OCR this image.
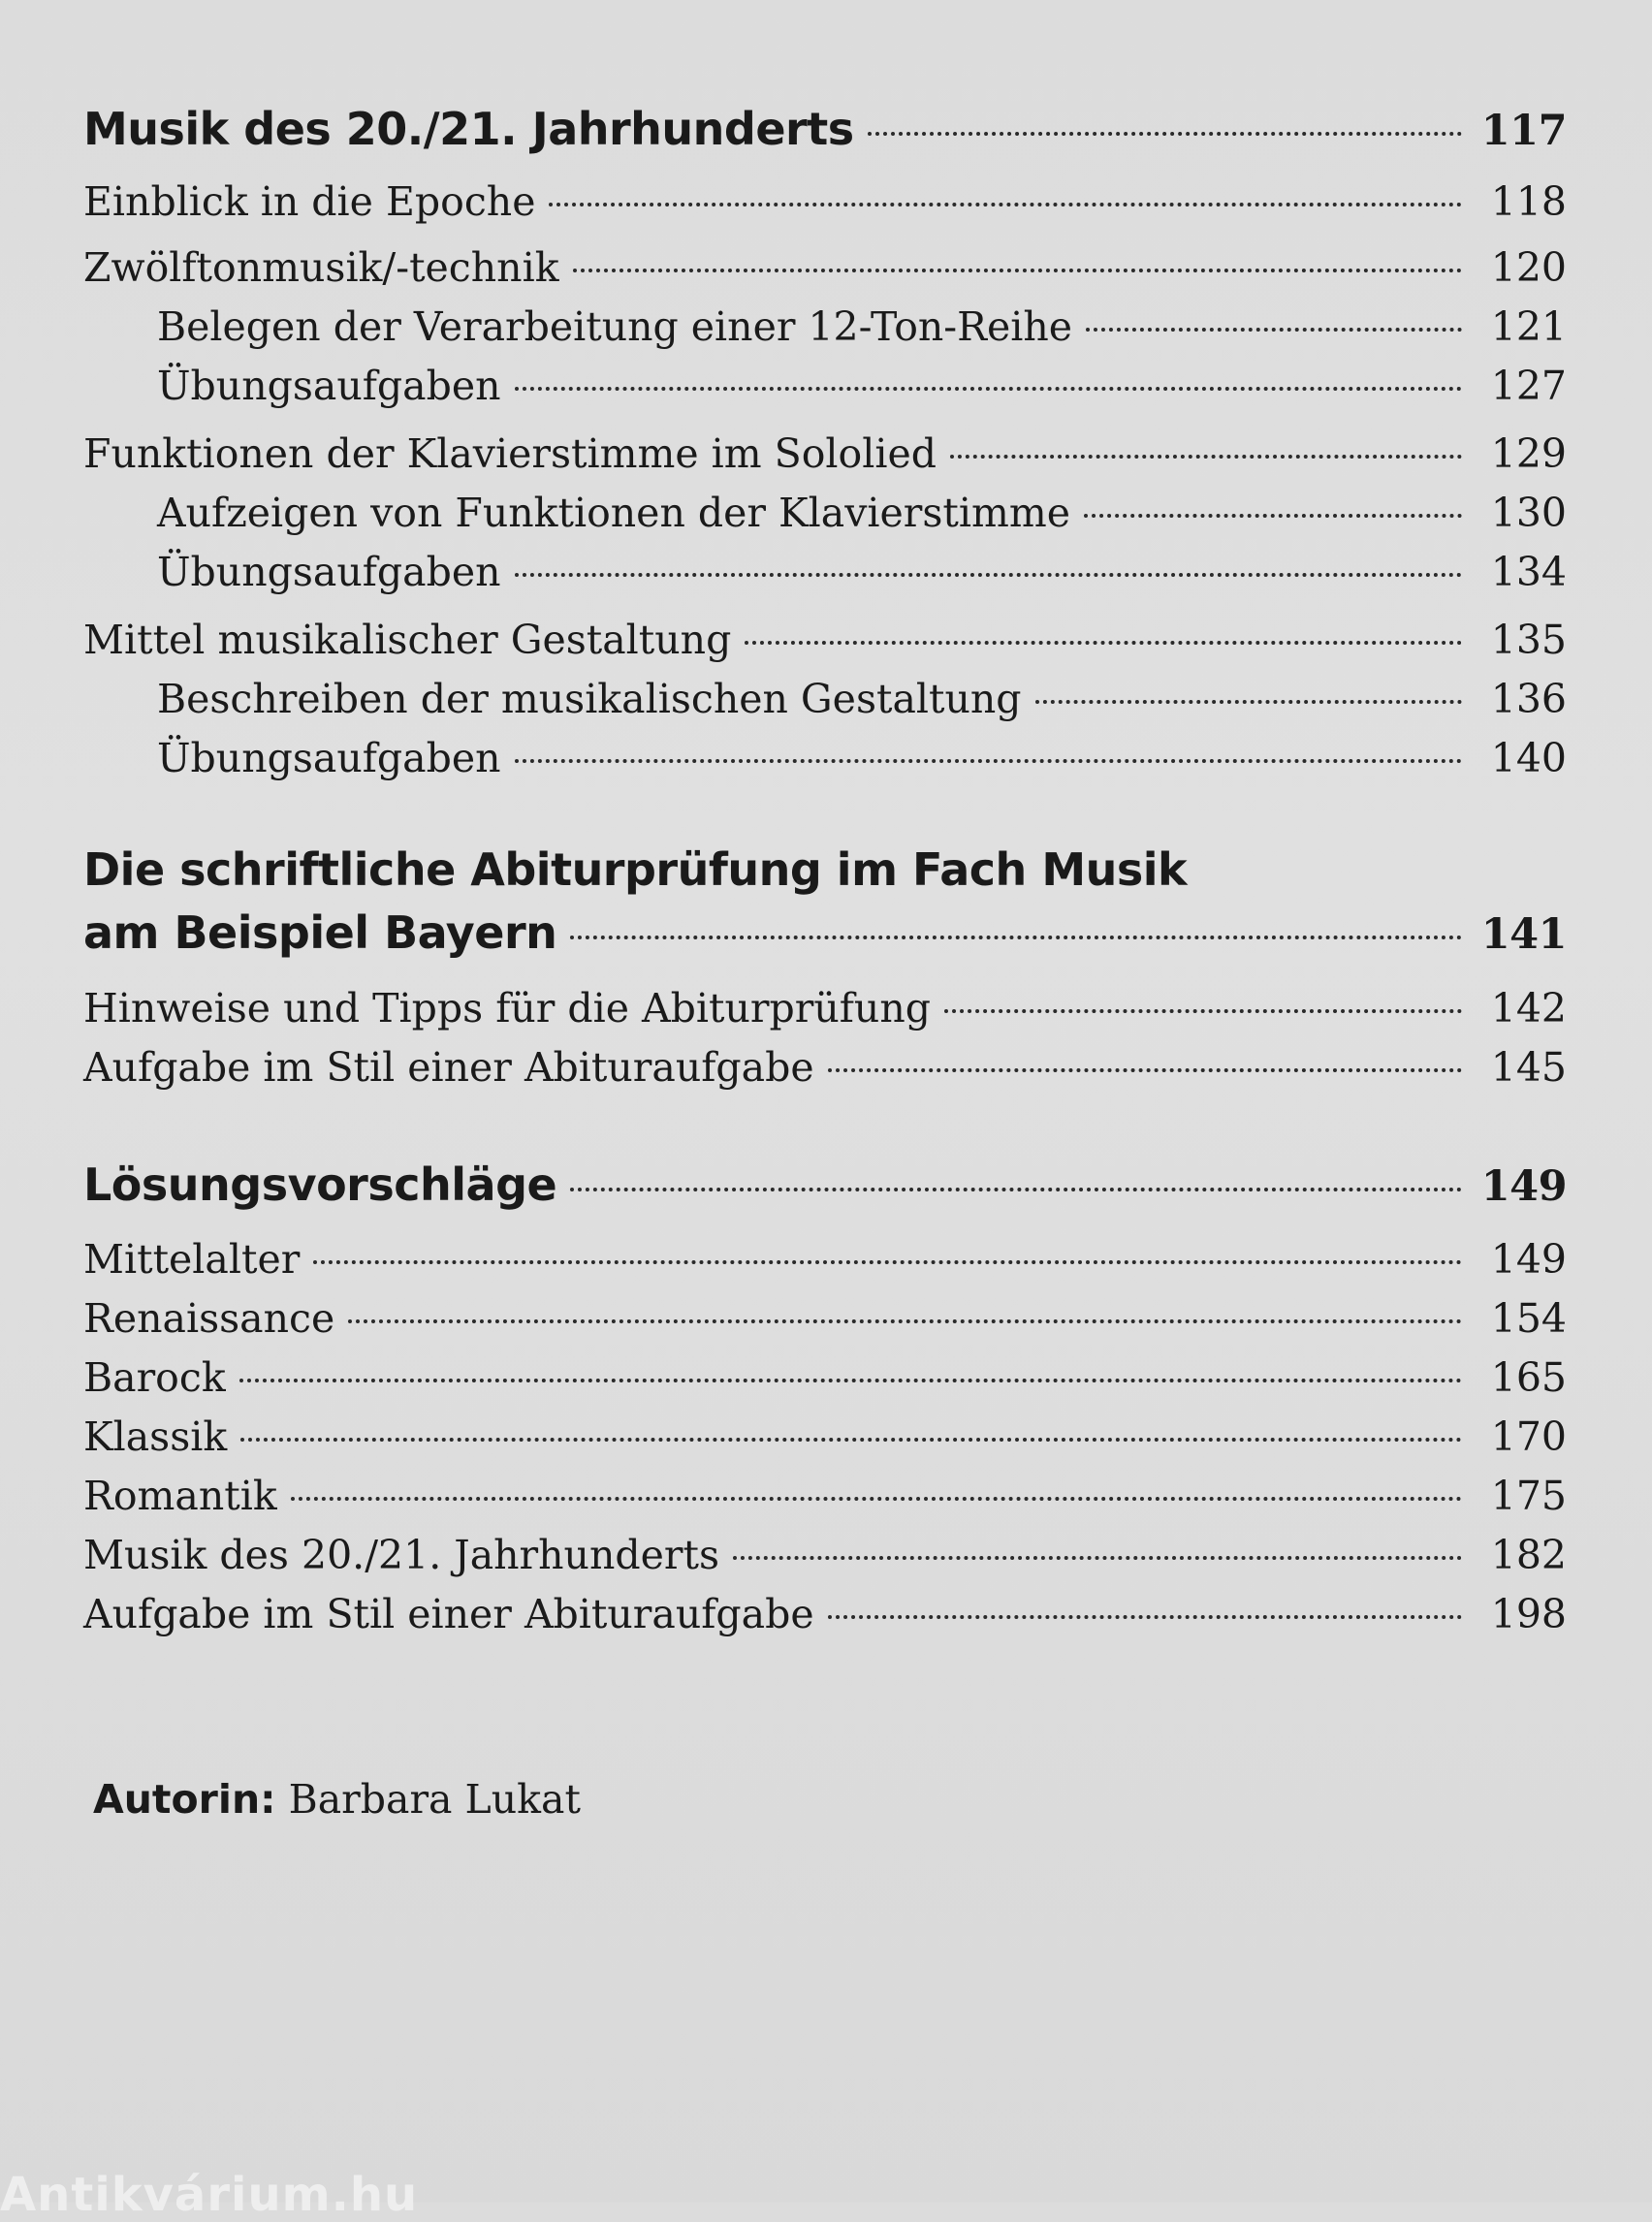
Musik des 20./21. Jahrhunderts	117
Einblick in die Epoche	118
Zwölftonmusik/-technik	120
Belegen der Verarbeitung einer 12-Ton-Reihe	121
Übungsaufgaben	127
Funktionen der Klavierstimme im Sololied	129
Aufzeigen von Funktionen der Klavierstimme	130
Übungsaufgaben	134
Mittel musikalischer Gestaltung	135
Beschreiben der musikalischen Gestaltung	136
Übungsaufgaben	140
Die schriftliche Abiturprüfung im Fach Musik
am Beispiel Bayern	141
Hinweise und Tipps für die Abiturprüfung	142
Aufgabe im Stil einer Abituraufgabe	145
Lösungsvorschläge	149
Mittelalter	149
Renaissance	154
Barock	165
Klassik	170
Romantik	175
Musik des 20./21. Jahrhunderts	182
Aufgabe im Stil einer Abituraufgabe	198
Autorin: Barbara Lukat
Antikvárium.hu
